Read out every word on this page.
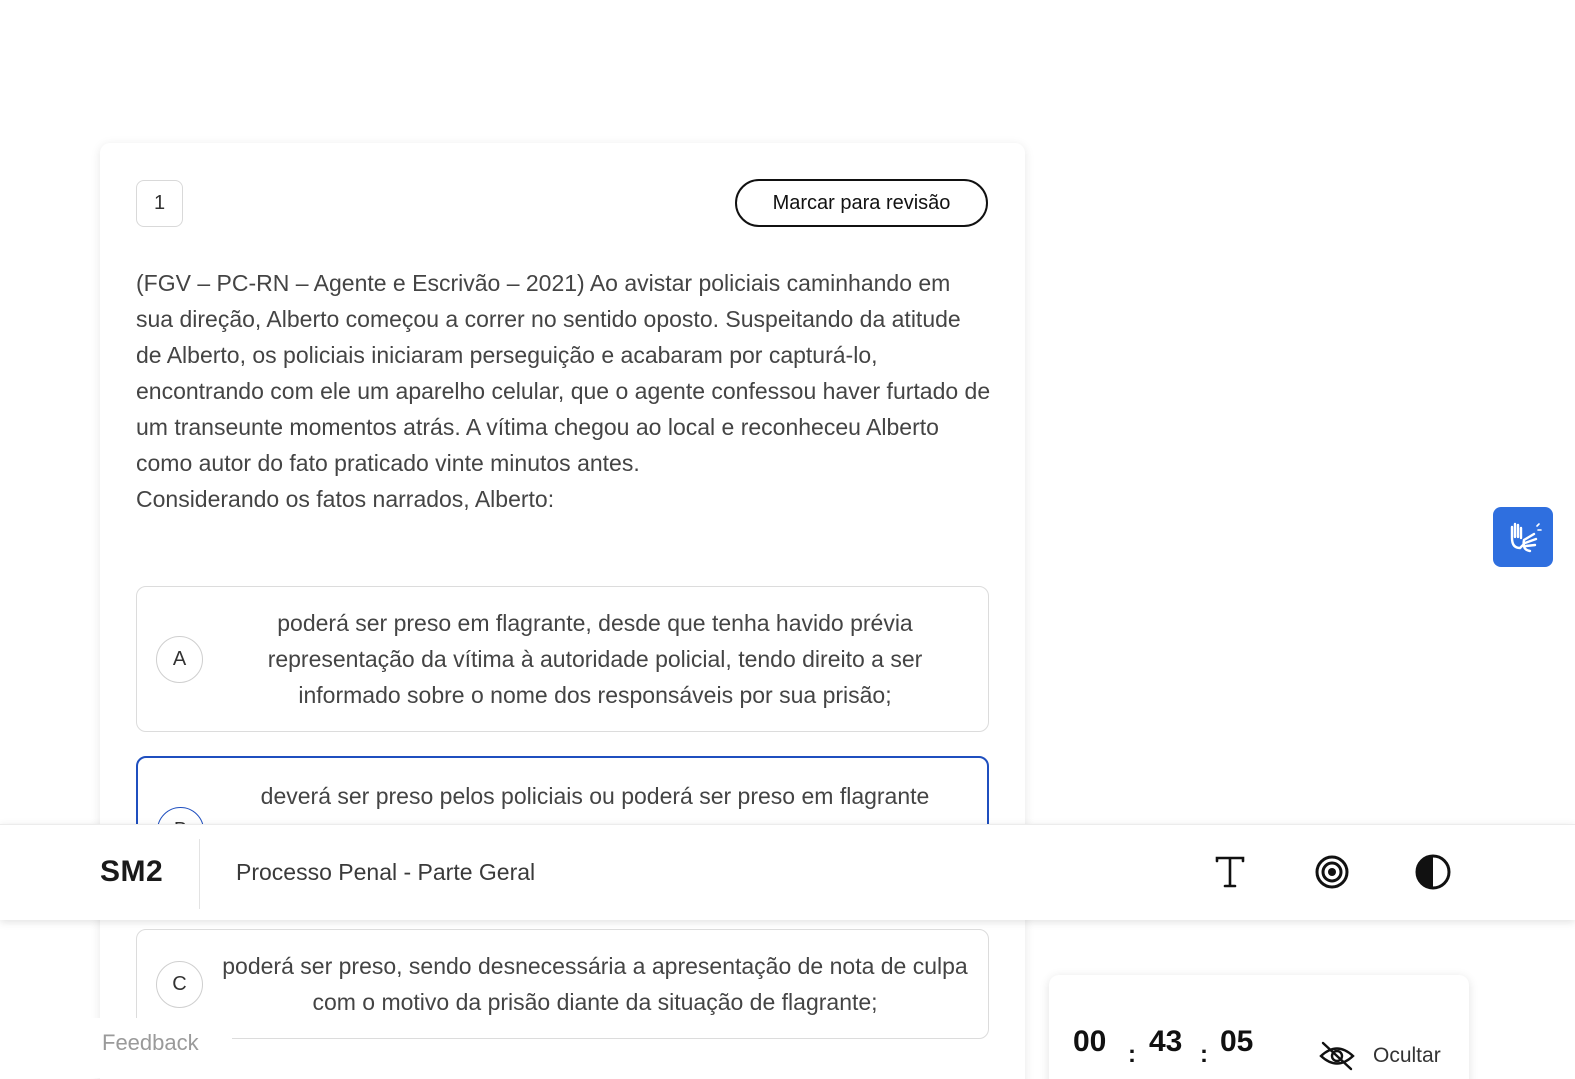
1	Marcar para revisão

(FGV – PC-RN – Agente e Escrivão – 2021) Ao avistar policiais caminhando em sua direção, Alberto começou a correr no sentido oposto. Suspeitando da atitude de Alberto, os policiais iniciaram perseguição e acabaram por capturá-lo, encontrando com ele um aparelho celular, que o agente confessou haver furtado de um transeunte momentos atrás. A vítima chegou ao local e reconheceu Alberto como autor do fato praticado vinte minutos antes.

Considerando os fatos narrados, Alberto:

A
poderá ser preso em flagrante, desde que tenha havido prévia representação da vítima à autoridade policial, tendo direito a ser informado sobre o nome dos responsáveis por sua prisão;
deverá ser preso pelos policiais ou poderá ser preso em flagrante
C
poderá ser preso, sendo desnecessária a apresentação de nota de culpa com o motivo da prisão diante da situação de flagrante;
SM2	Processo Penal - Parte Geral
Feedback	00 : 43 : 05	Ocultar
